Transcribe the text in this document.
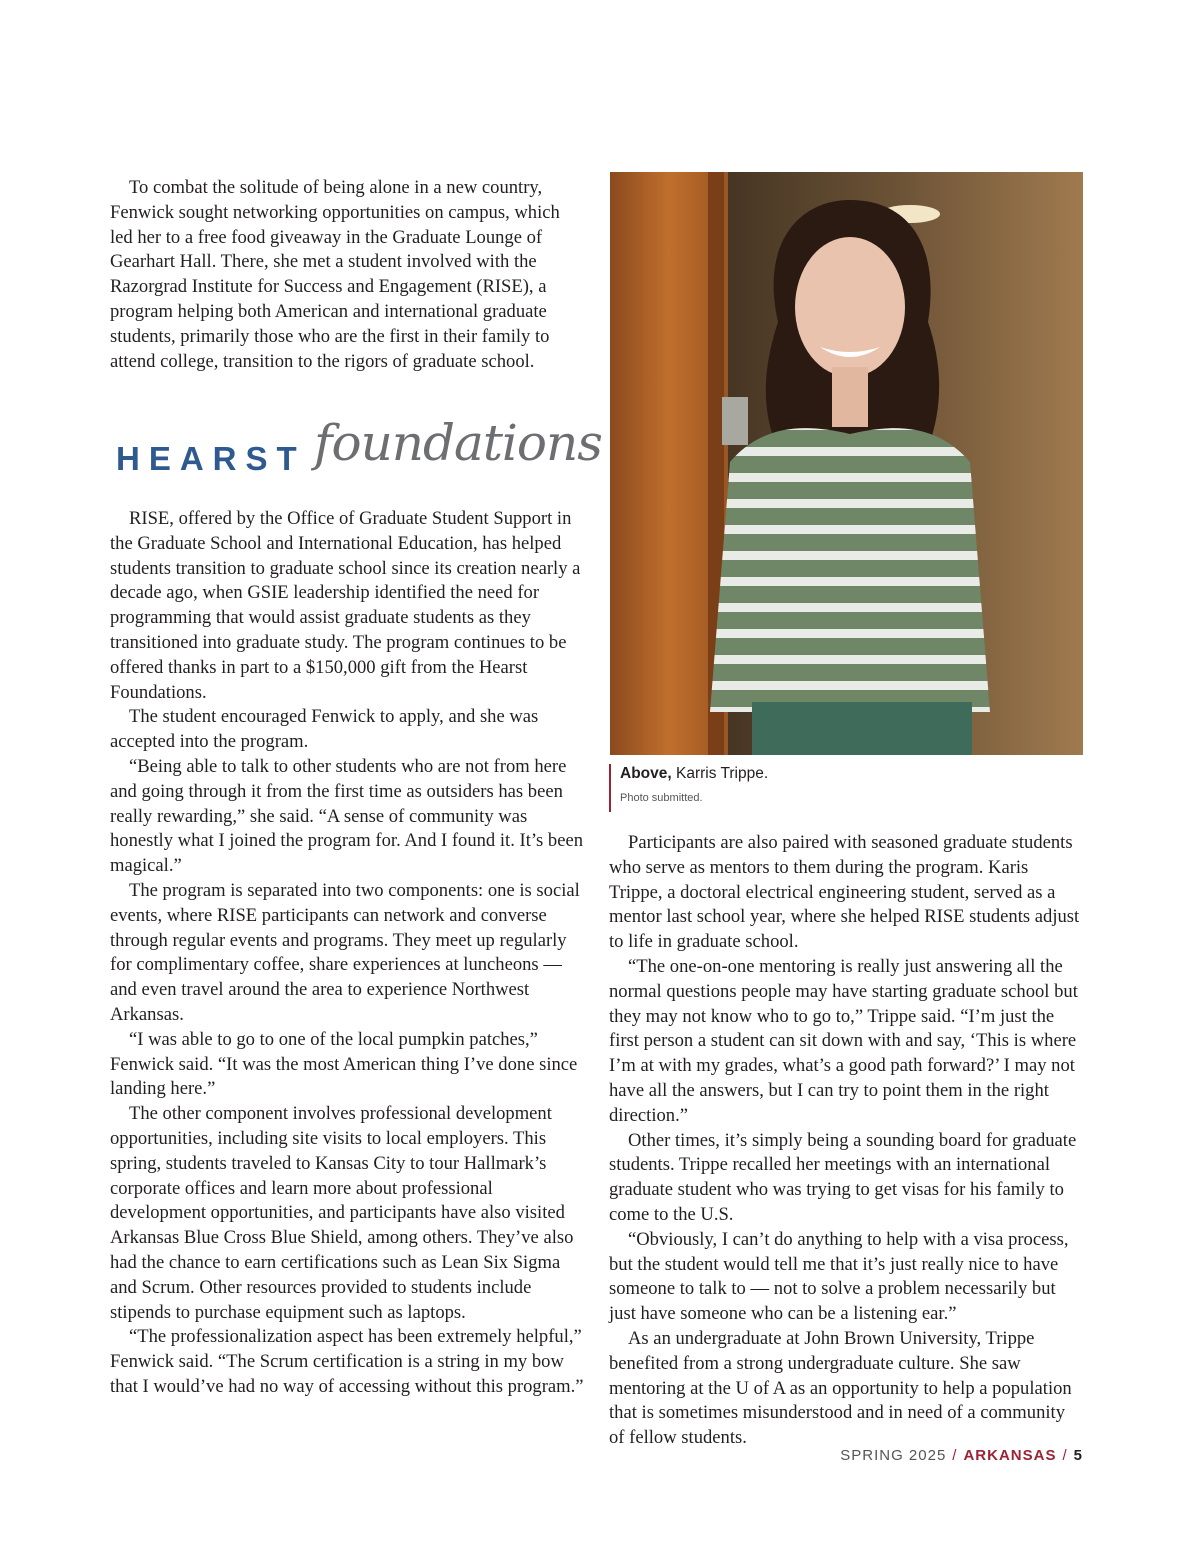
To combat the solitude of being alone in a new country, Fenwick sought networking opportunities on campus, which led her to a free food giveaway in the Graduate Lounge of Gearhart Hall. There, she met a student involved with the Razorgrad Institute for Success and Engagement (RISE), a program helping both American and international graduate students, primarily those who are the first in their family to attend college, transition to the rigors of graduate school.

HEARST foundations

RISE, offered by the Office of Graduate Student Support in the Graduate School and International Education, has helped students transition to graduate school since its creation nearly a decade ago, when GSIE leadership identified the need for programming that would assist graduate students as they transitioned into graduate study. The program continues to be offered thanks in part to a $150,000 gift from the Hearst Foundations.

The student encouraged Fenwick to apply, and she was accepted into the program.

“Being able to talk to other students who are not from here and going through it from the first time as outsiders has been really rewarding,” she said. “A sense of community was honestly what I joined the program for. And I found it. It’s been magical.”

The program is separated into two components: one is social events, where RISE participants can network and converse through regular events and programs. They meet up regularly for complimentary coffee, share experiences at luncheons — and even travel around the area to experience Northwest Arkansas.

“I was able to go to one of the local pumpkin patches,” Fenwick said. “It was the most American thing I’ve done since landing here.”

The other component involves professional development opportunities, including site visits to local employers. This spring, students traveled to Kansas City to tour Hallmark’s corporate offices and learn more about professional development opportunities, and participants have also visited Arkansas Blue Cross Blue Shield, among others. They’ve also had the chance to earn certifications such as Lean Six Sigma and Scrum. Other resources provided to students include stipends to purchase equipment such as laptops.

“The professionalization aspect has been extremely helpful,” Fenwick said. “The Scrum certification is a string in my bow that I would’ve had no way of accessing without this program.”

Above, Karris Trippe.
Photo submitted.

Participants are also paired with seasoned graduate students who serve as mentors to them during the program. Karis Trippe, a doctoral electrical engineering student, served as a mentor last school year, where she helped RISE students adjust to life in graduate school.

“The one-on-one mentoring is really just answering all the normal questions people may have starting graduate school but they may not know who to go to,” Trippe said. “I’m just the first person a student can sit down with and say, ‘This is where I’m at with my grades, what’s a good path forward?’ I may not have all the answers, but I can try to point them in the right direction.”

Other times, it’s simply being a sounding board for graduate students. Trippe recalled her meetings with an international graduate student who was trying to get visas for his family to come to the U.S.

“Obviously, I can’t do anything to help with a visa process, but the student would tell me that it’s just really nice to have someone to talk to — not to solve a problem necessarily but just have someone who can be a listening ear.”

As an undergraduate at John Brown University, Trippe benefited from a strong undergraduate culture. She saw mentoring at the U of A as an opportunity to help a population that is sometimes misunderstood and in need of a community of fellow students.

SPRING 2025 / ARKANSAS / 5
